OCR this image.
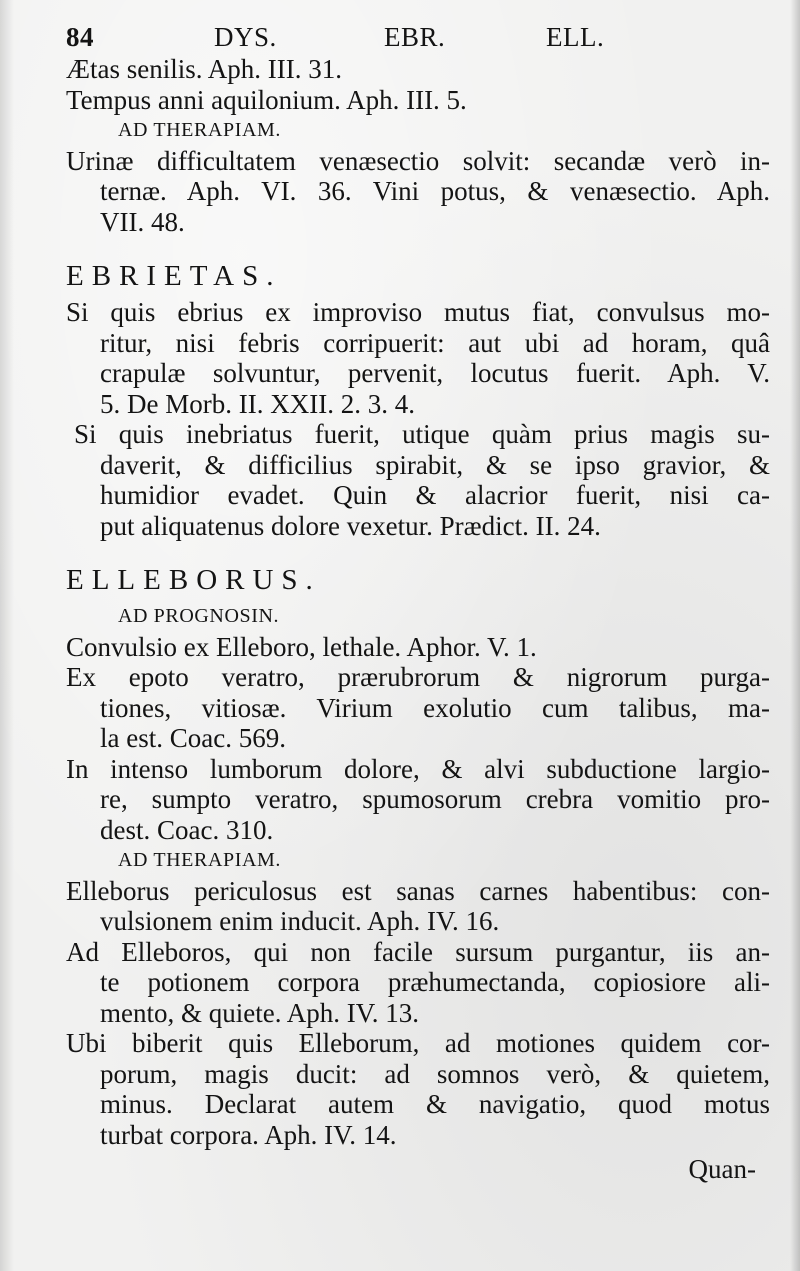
84	DYS.	EBR.	ELL.
Ætas senilis. Aph. III. 31.
Tempus anni aquilonium. Aph. III. 5.
AD THERAPIAM.
Urinæ difficultatem venæsectio solvit: secandæ verò in-
ternæ. Aph. VI. 36. Vini potus, & venæsectio. Aph.
VII. 48.
EBRIETAS.
Si quis ebrius ex improviso mutus fiat, convulsus mo-
ritur, nisi febris corripuerit: aut ubi ad horam, quâ
crapulæ solvuntur, pervenit, locutus fuerit. Aph. V.
5. De Morb. II. XXII. 2. 3. 4.
Si quis inebriatus fuerit, utique quàm prius magis su-
daverit, & difficilius spirabit, & se ipso gravior, &
humidior evadet. Quin & alacrior fuerit, nisi ca-
put aliquatenus dolore vexetur. Prædict. II. 24.
ELLEBORUS.
AD PROGNOSIN.
Convulsio ex Elleboro, lethale. Aphor. V. 1.
Ex epoto veratro, prærubrorum & nigrorum purga-
tiones, vitiosæ. Virium exolutio cum talibus, ma-
la est. Coac. 569.
In intenso lumborum dolore, & alvi subductione largio-
re, sumpto veratro, spumosorum crebra vomitio pro-
dest. Coac. 310.
AD THERAPIAM.
Elleborus periculosus est sanas carnes habentibus: con-
vulsionem enim inducit. Aph. IV. 16.
Ad Elleboros, qui non facile sursum purgantur, iis an-
te potionem corpora præhumectanda, copiosiore ali-
mento, & quiete. Aph. IV. 13.
Ubi biberit quis Elleborum, ad motiones quidem cor-
porum, magis ducit: ad somnos verò, & quietem,
minus. Declarat autem & navigatio, quod motus
turbat corpora. Aph. IV. 14.
Quan-
